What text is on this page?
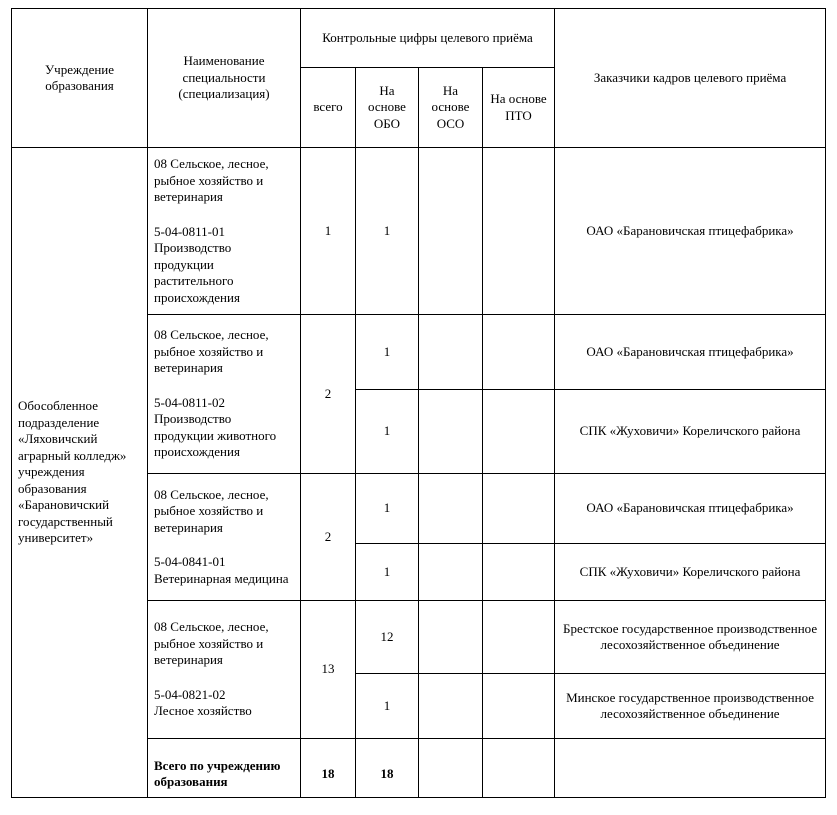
Учреждение образования	Наименование специальности (специализация)	Контрольные цифры целевого приёма				Заказчики кадров целевого приёма
		всего	На основе ОБО	На основе ОСО	На основе ПТО	
Обособленное подразделение «Ляховичский аграрный колледж» учреждения образования «Барановичский государственный университет»	08 Сельское, лесное, рыбное хозяйство и ветеринария
5-04-0811-01
Производство продукции растительного происхождения	1	1			ОАО «Барановичская птицефабрика»

	08 Сельское, лесное, рыбное хозяйство и ветеринария
5-04-0811-02
Производство продукции животного происхождения	2	1			ОАО «Барановичская птицефабрика»
			1			СПК «Жуховичи» Кореличского района

	08 Сельское, лесное, рыбное хозяйство и ветеринария
5-04-0841-01
Ветеринарная медицина	2	1			ОАО «Барановичская птицефабрика»
			1			СПК «Жуховичи» Кореличского района

	08 Сельское, лесное, рыбное хозяйство и ветеринария
5-04-0821-02
Лесное хозяйство	13	12			Брестское государственное производственное лесохозяйственное объединение
			1			Минское государственное производственное лесохозяйственное объединение
	Всего по учреждению образования	18	18			
